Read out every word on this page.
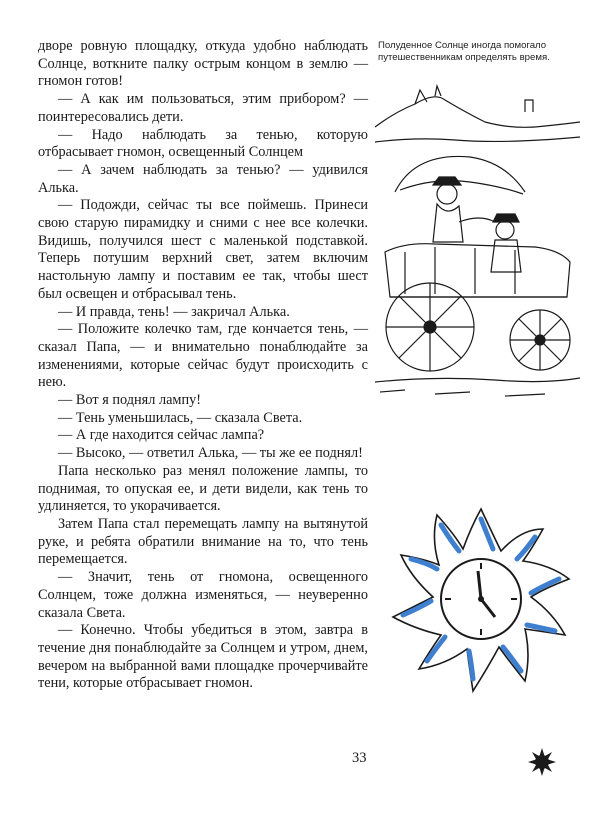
дворе ровную площадку, откуда удобно наблюдать Солнце, воткните палку острым концом в землю — гномон готов!

— А как им пользоваться, этим прибором? — поинтересовались дети.

— Надо наблюдать за тенью, которую отбрасывает гномон, освещенный Солнцем

— А зачем наблюдать за тенью? — удивился Алька.

— Подожди, сейчас ты все поймешь. Принеси свою старую пирамидку и сними с нее все колечки. Видишь, получился шест с маленькой подставкой. Теперь потушим верхний свет, затем включим настольную лампу и поставим ее так, чтобы шест был освещен и отбрасывал тень.

— И правда, тень! — закричал Алька.

— Положите колечко там, где кончается тень, — сказал Папа, — и внимательно понаблюдайте за изменениями, которые сейчас будут происходить с нею.

— Вот я поднял лампу!

— Тень уменьшилась, — сказала Света.

— А где находится сейчас лампа?

— Высоко, — ответил Алька, — ты же ее поднял!

Папа несколько раз менял положение лампы, то поднимая, то опуская ее, и дети видели, как тень то удлиняется, то укорачивается.

Затем Папа стал перемещать лампу на вытянутой руке, и ребята обратили внимание на то, что тень перемещается.

— Значит, тень от гномона, освещенного Солнцем, тоже должна изменяться, — неуверенно сказала Света.

— Конечно. Чтобы убедиться в этом, завтра в течение дня понаблюдайте за Солнцем и утром, днем, вечером на выбранной вами площадке прочерчивайте тени, которые отбрасывает гномон.

Полуденное Солнце иногда помогало путешественникам определять время.
33
